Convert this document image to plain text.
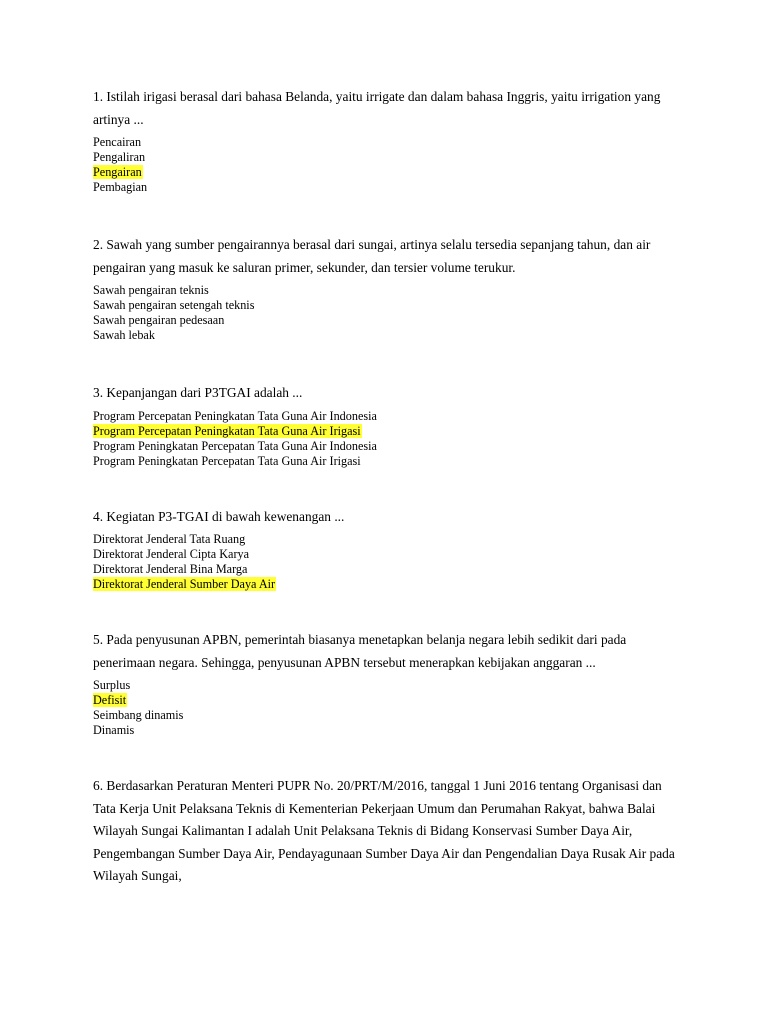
1. Istilah irigasi berasal dari bahasa Belanda, yaitu irrigate dan dalam bahasa Inggris, yaitu irrigation yang artinya ...

Pencairan
Pengaliran
Pengairan
Pembagian

2. Sawah yang sumber pengairannya berasal dari sungai, artinya selalu tersedia sepanjang tahun, dan air pengairan yang masuk ke saluran primer, sekunder, dan tersier volume terukur.

Sawah pengairan teknis
Sawah pengairan setengah teknis
Sawah pengairan pedesaan
Sawah lebak

3. Kepanjangan dari P3TGAI adalah ...

Program Percepatan Peningkatan Tata Guna Air Indonesia
Program Percepatan Peningkatan Tata Guna Air Irigasi
Program Peningkatan Percepatan Tata Guna Air Indonesia
Program Peningkatan Percepatan Tata Guna Air Irigasi

4. Kegiatan P3-TGAI di bawah kewenangan ...

Direktorat Jenderal Tata Ruang
Direktorat Jenderal Cipta Karya
Direktorat Jenderal Bina Marga
Direktorat Jenderal Sumber Daya Air

5. Pada penyusunan APBN, pemerintah biasanya menetapkan belanja negara lebih sedikit dari pada penerimaan negara. Sehingga, penyusunan APBN tersebut menerapkan kebijakan anggaran ...

Surplus
Defisit
Seimbang dinamis
Dinamis

6. Berdasarkan Peraturan Menteri PUPR No. 20/PRT/M/2016, tanggal 1 Juni 2016 tentang Organisasi dan Tata Kerja Unit Pelaksana Teknis di Kementerian Pekerjaan Umum dan Perumahan Rakyat, bahwa Balai Wilayah Sungai Kalimantan I adalah Unit Pelaksana Teknis di Bidang Konservasi Sumber Daya Air, Pengembangan Sumber Daya Air, Pendayagunaan Sumber Daya Air dan Pengendalian Daya Rusak Air pada Wilayah Sungai,
